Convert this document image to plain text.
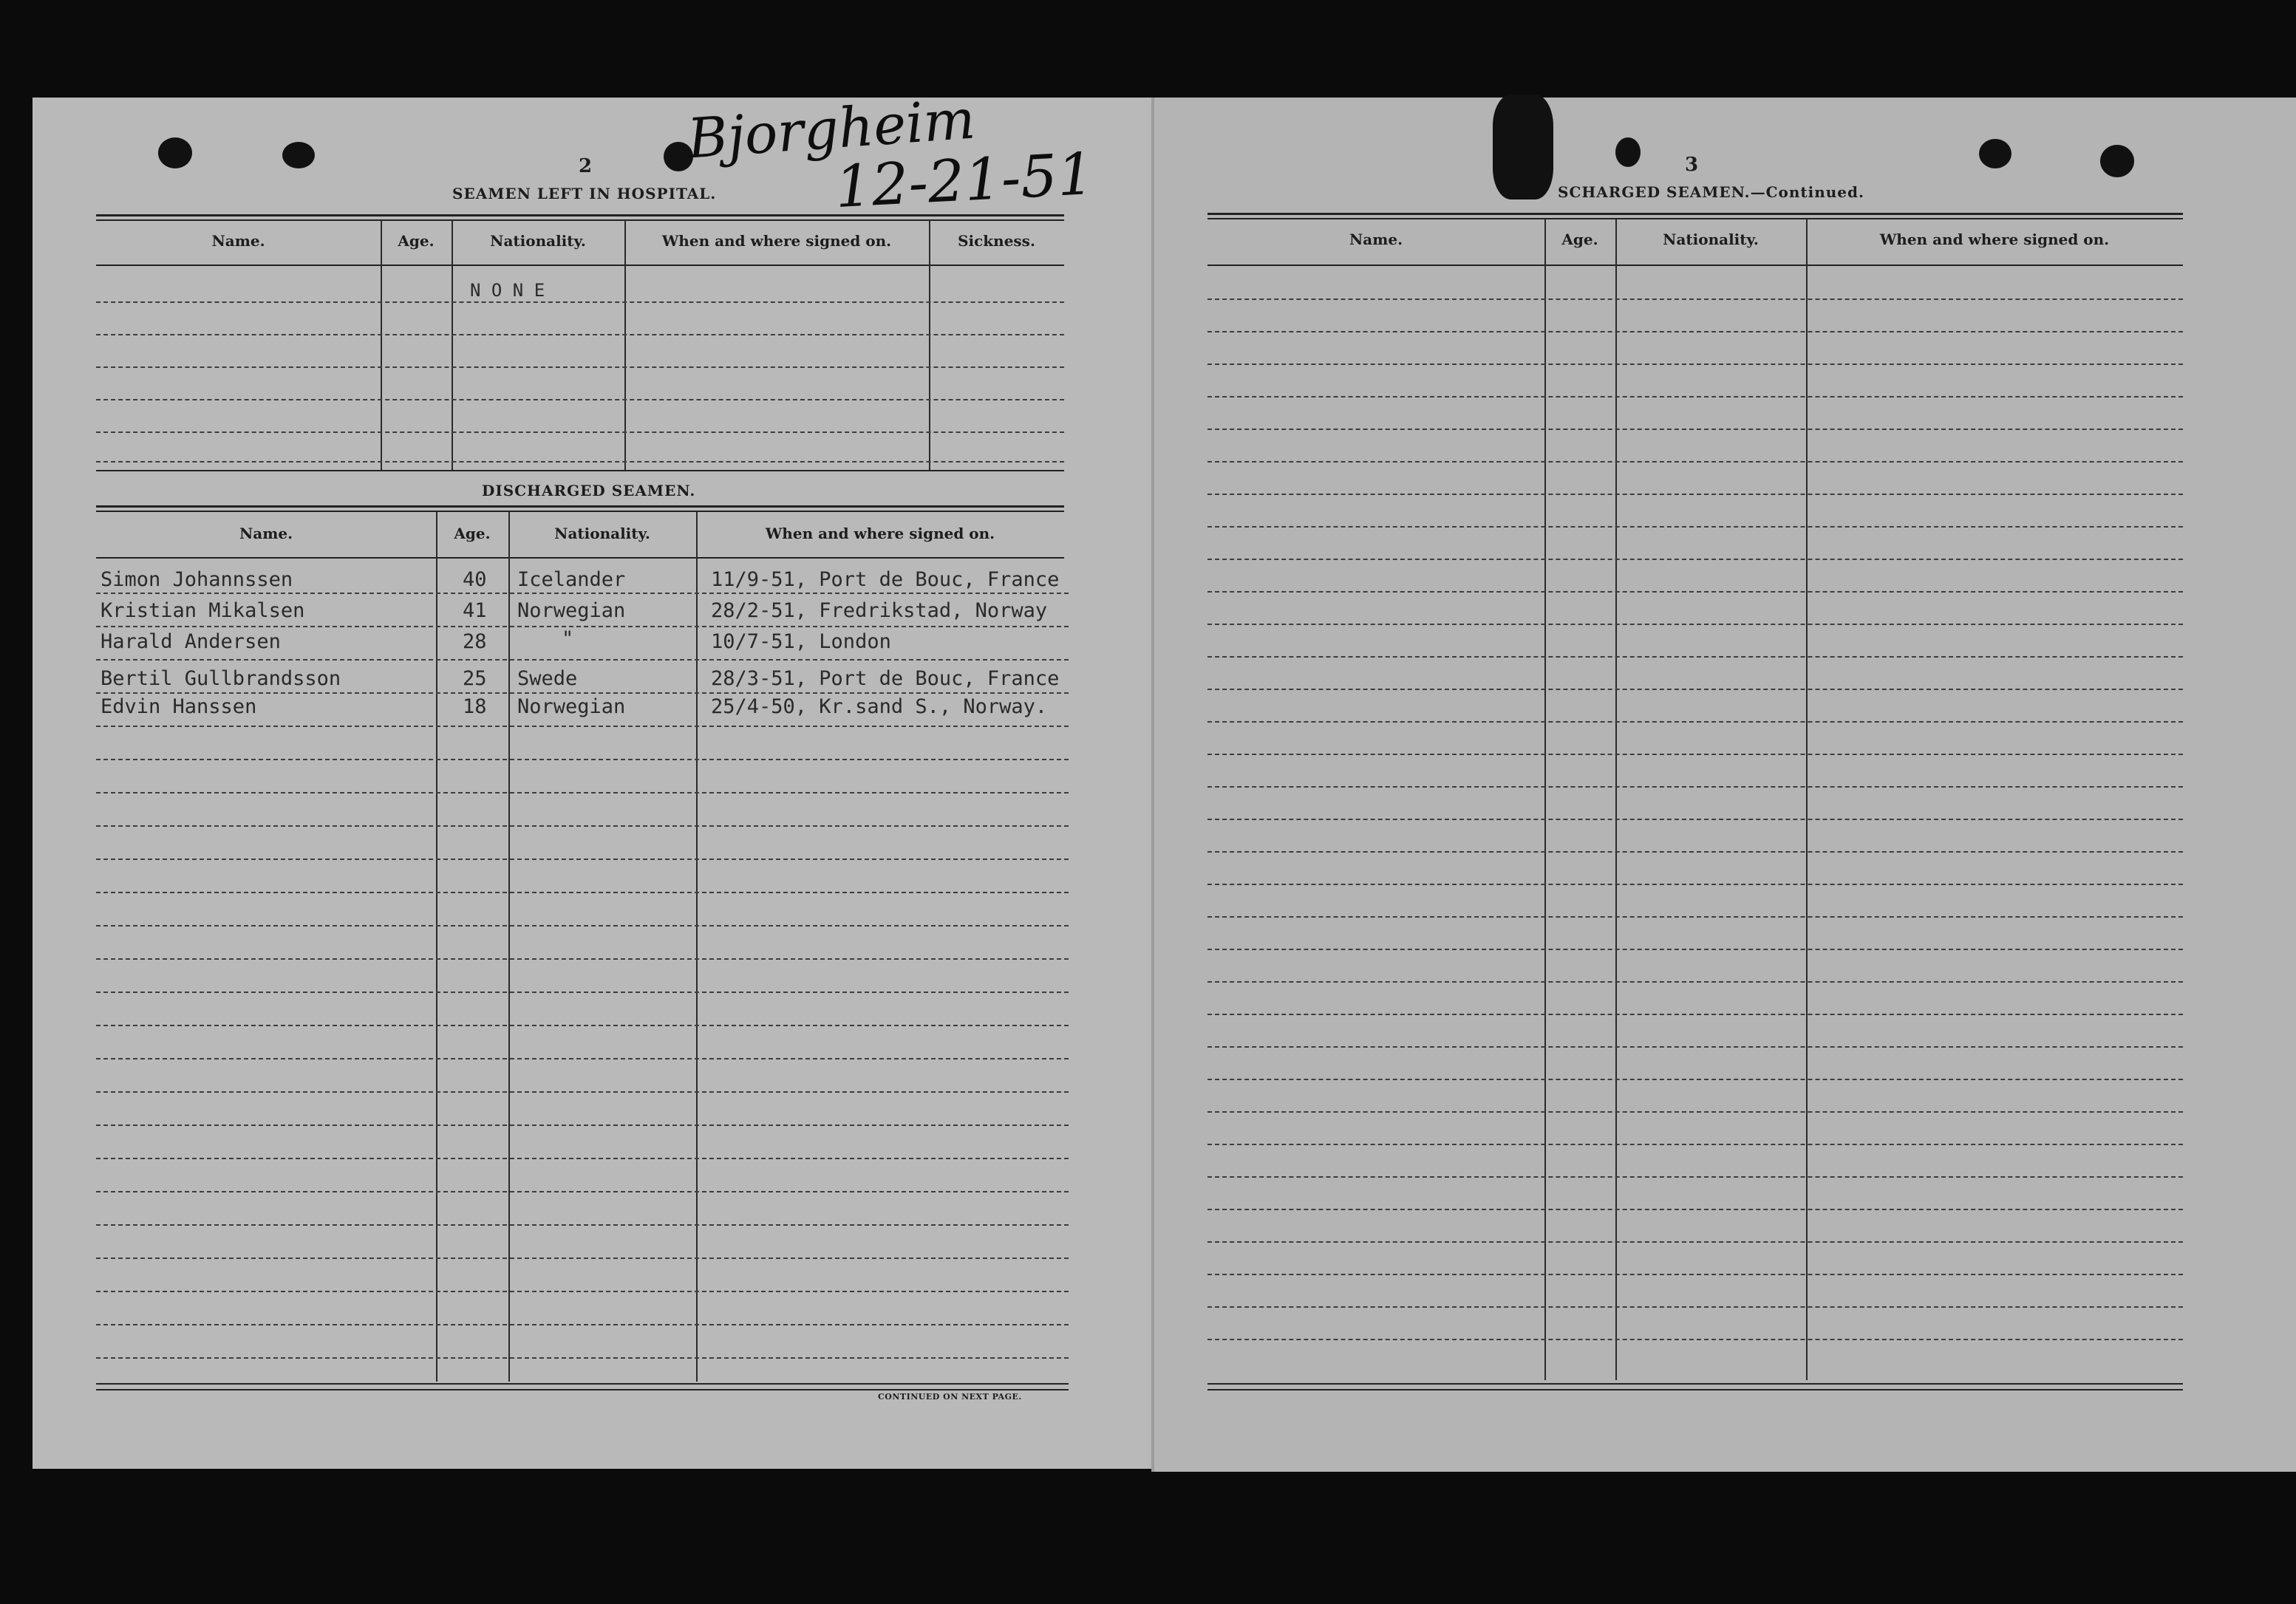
2
SEAMEN LEFT IN HOSPITAL.
Bjorgheim
12-21-51
Name.	Age.	Nationality.	When and where signed on.	Sickness.
N O N E
DISCHARGED SEAMEN.
Name.	Age.	Nationality.	When and where signed on.
Simon Johannssen	40 Icelander	11/9-51, Port de Bouc, France
Kristian Mikalsen	41 Norwegian	28/2-51, Fredrikstad, Norway
Harald Andersen	28	"	10/7-51, London
Bertil Gullbrandsson	25 Swede	28/3-51, Port de Bouc, France
Edvin Hanssen	18 Norwegian	25/4-50, Kr.sand S., Norway.
CONTINUED ON NEXT PAGE.
3
SCHARGED SEAMEN.—Continued.
Name.	Age.	Nationality.	When and where signed on.
